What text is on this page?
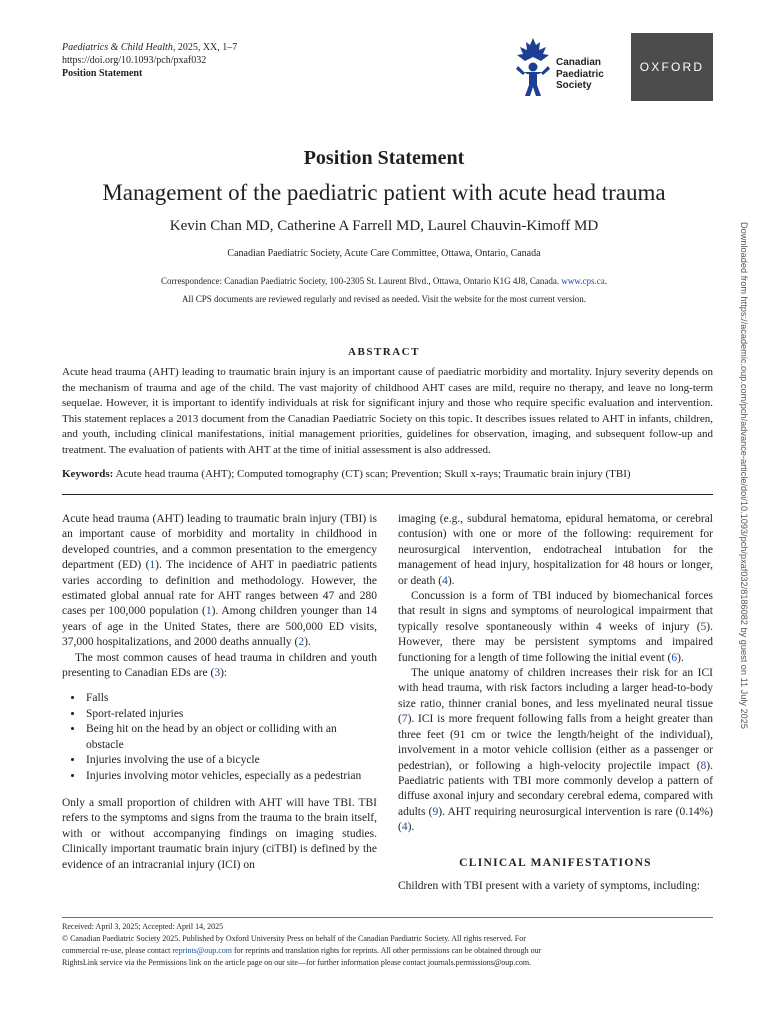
Paediatrics & Child Health, 2025, XX, 1–7
https://doi.org/10.1093/pch/pxaf032
Position Statement
Canadian
Paediatric
Society
OXFORD
Position Statement
Management of the paediatric patient with acute head trauma
Kevin Chan MD, Catherine A Farrell MD, Laurel Chauvin-Kimoff MD
Canadian Paediatric Society, Acute Care Committee, Ottawa, Ontario, Canada
Correspondence: Canadian Paediatric Society, 100-2305 St. Laurent Blvd., Ottawa, Ontario K1G 4J8, Canada. www.cps.ca.
All CPS documents are reviewed regularly and revised as needed. Visit the website for the most current version.
ABSTRACT
Acute head trauma (AHT) leading to traumatic brain injury is an important cause of paediatric morbidity and mortality. Injury severity depends on the mechanism of trauma and age of the child. The vast majority of childhood AHT cases are mild, require no therapy, and leave no long-term sequelae. However, it is important to identify individuals at risk for significant injury and those who require specific evaluation and intervention. This statement replaces a 2013 document from the Canadian Paediatric Society on this topic. It describes issues related to AHT in infants, children, and youth, including clinical manifestations, initial management priorities, guidelines for observation, imaging, and subsequent follow-up and treatment. The evaluation of patients with AHT at the time of initial assessment is also addressed.
Keywords: Acute head trauma (AHT); Computed tomography (CT) scan; Prevention; Skull x-rays; Traumatic brain injury (TBI)

Acute head trauma (AHT) leading to traumatic brain injury (TBI) is an important cause of morbidity and mortality in childhood in developed countries, and a common presentation to the emergency department (ED) (1). The incidence of AHT in paediatric patients varies according to definition and methodology. However, the estimated global annual rate for AHT ranges between 47 and 280 cases per 100,000 population (1). Among children younger than 14 years of age in the United States, there are 500,000 ED visits, 37,000 hospitalizations, and 2000 deaths annually (2).

The most common causes of head trauma in children and youth presenting to Canadian EDs are (3):

• Falls
• Sport-related injuries
• Being hit on the head by an object or colliding with an obstacle
• Injuries involving the use of a bicycle
• Injuries involving motor vehicles, especially as a pedestrian

Only a small proportion of children with AHT will have TBI. TBI refers to the symptoms and signs from the trauma to the brain itself, with or without accompanying findings on imaging studies. Clinically important traumatic brain injury (ciTBI) is defined by the evidence of an intracranial injury (ICI) on

imaging (e.g., subdural hematoma, epidural hematoma, or cerebral contusion) with one or more of the following: requirement for neurosurgical intervention, endotracheal intubation for the management of head injury, hospitalization for 48 hours or longer, or death (4).

Concussion is a form of TBI induced by biomechanical forces that result in signs and symptoms of neurological impairment that typically resolve spontaneously within 4 weeks of injury (5). However, there may be persistent symptoms and impaired functioning for a length of time following the initial event (6).

The unique anatomy of children increases their risk for an ICI with head trauma, with risk factors including a larger head-to-body size ratio, thinner cranial bones, and less myelinated neural tissue (7). ICI is more frequent following falls from a height greater than three feet (91 cm or twice the length/height of the individual), involvement in a motor vehicle collision (either as a passenger or pedestrian), or following a high-velocity projectile impact (8). Paediatric patients with TBI more commonly develop a pattern of diffuse axonal injury and secondary cerebral edema, compared with adults (9). AHT requiring neurosurgical intervention is rare (0.14%) (4).

CLINICAL MANIFESTATIONS

Children with TBI present with a variety of symptoms, including:

Received: April 3, 2025; Accepted: April 14, 2025
© Canadian Paediatric Society 2025. Published by Oxford University Press on behalf of the Canadian Paediatric Society. All rights reserved. For
commercial re-use, please contact reprints@oup.com for reprints and translation rights for reprints. All other permissions can be obtained through our
RightsLink service via the Permissions link on the article page on our site—for further information please contact journals.permissions@oup.com.
Downloaded from https://academic.oup.com/pch/advance-article/doi/10.1093/pch/pxaf032/8186082 by guest on 11 July 2025
